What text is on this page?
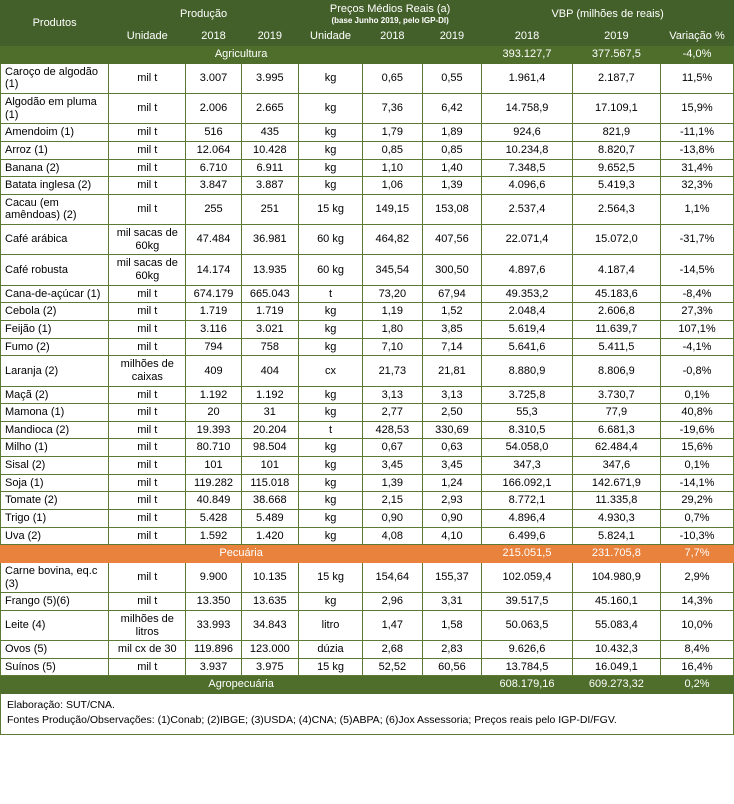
Produtos	Produção			Preços Médios Reais (a)
(base Junho 2019, pelo IGP-DI)			VBP (milhões de reais)		
	Unidade	2018	2019	Unidade	2018	2019	2018	2019	Variação %
Agricultura							393.127,7	377.567,5	-4,0%
Caroço de algodão (1)	mil t	3.007	3.995	kg	0,65	0,55	1.961,4	2.187,7	11,5%
Algodão em pluma (1)	mil t	2.006	2.665	kg	7,36	6,42	14.758,9	17.109,1	15,9%
Amendoim (1)	mil t	516	435	kg	1,79	1,89	924,6	821,9	-11,1%
Arroz (1)	mil t	12.064	10.428	kg	0,85	0,85	10.234,8	8.820,7	-13,8%
Banana (2)	mil t	6.710	6.911	kg	1,10	1,40	7.348,5	9.652,5	31,4%
Batata inglesa (2)	mil t	3.847	3.887	kg	1,06	1,39	4.096,6	5.419,3	32,3%
Cacau (em amêndoas) (2)	mil t	255	251	15 kg	149,15	153,08	2.537,4	2.564,3	1,1%
Café arábica	mil sacas de 60kg	47.484	36.981	60 kg	464,82	407,56	22.071,4	15.072,0	-31,7%
Café robusta	mil sacas de 60kg	14.174	13.935	60 kg	345,54	300,50	4.897,6	4.187,4	-14,5%
Cana-de-açúcar (1)	mil t	674.179	665.043	t	73,20	67,94	49.353,2	45.183,6	-8,4%
Cebola (2)	mil t	1.719	1.719	kg	1,19	1,52	2.048,4	2.606,8	27,3%
Feijão (1)	mil t	3.116	3.021	kg	1,80	3,85	5.619,4	11.639,7	107,1%
Fumo (2)	mil t	794	758	kg	7,10	7,14	5.641,6	5.411,5	-4,1%
Laranja (2)	milhões de caixas	409	404	cx	21,73	21,81	8.880,9	8.806,9	-0,8%
Maçã (2)	mil t	1.192	1.192	kg	3,13	3,13	3.725,8	3.730,7	0,1%
Mamona (1)	mil t	20	31	kg	2,77	2,50	55,3	77,9	40,8%
Mandioca (2)	mil t	19.393	20.204	t	428,53	330,69	8.310,5	6.681,3	-19,6%
Milho (1)	mil t	80.710	98.504	kg	0,67	0,63	54.058,0	62.484,4	15,6%
Sisal (2)	mil t	101	101	kg	3,45	3,45	347,3	347,6	0,1%
Soja (1)	mil t	119.282	115.018	kg	1,39	1,24	166.092,1	142.671,9	-14,1%
Tomate (2)	mil t	40.849	38.668	kg	2,15	2,93	8.772,1	11.335,8	29,2%
Trigo (1)	mil t	5.428	5.489	kg	0,90	0,90	4.896,4	4.930,3	0,7%
Uva (2)	mil t	1.592	1.420	kg	4,08	4,10	6.499,6	5.824,1	-10,3%
Pecuária							215.051,5	231.705,8	7,7%
Carne bovina, eq.c (3)	mil t	9.900	10.135	15 kg	154,64	155,37	102.059,4	104.980,9	2,9%
Frango (5)(6)	mil t	13.350	13.635	kg	2,96	3,31	39.517,5	45.160,1	14,3%
Leite (4)	milhões de litros	33.993	34.843	litro	1,47	1,58	50.063,5	55.083,4	10,0%
Ovos (5)	mil cx de 30	119.896	123.000	dúzia	2,68	2,83	9.626,6	10.432,3	8,4%
Suínos (5)	mil t	3.937	3.975	15 kg	52,52	60,56	13.784,5	16.049,1	16,4%
Agropecuária							608.179,16	609.273,32	0,2%
Elaboração: SUT/CNA.
Fontes Produção/Observações: (1)Conab; (2)IBGE; (3)USDA; (4)CNA; (5)ABPA; (6)Jox Assessoria; Preços reais pelo IGP-DI/FGV.
